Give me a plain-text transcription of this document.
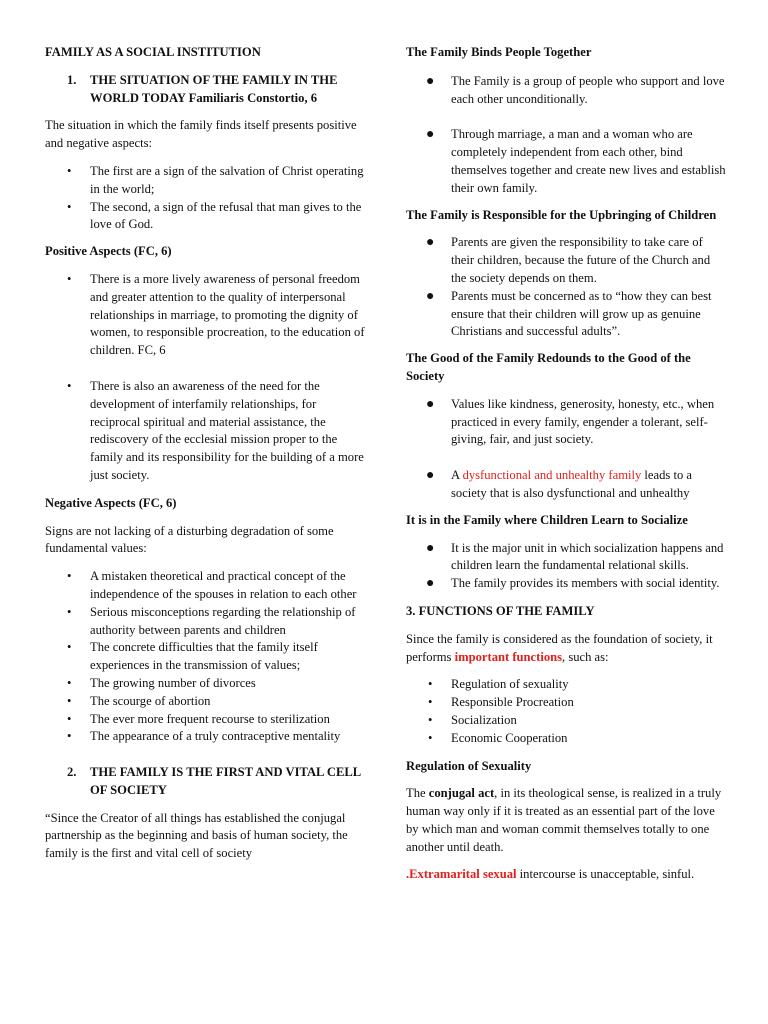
FAMILY AS A SOCIAL INSTITUTION

1.	THE SITUATION OF THE FAMILY IN THE WORLD TODAY Familiaris Constortio, 6

The situation in which the family finds itself presents positive and negative aspects:

•	The first are a sign of the salvation of Christ operating in the world;
•	The second, a sign of the refusal that man gives to the love of God.

Positive Aspects (FC, 6)

•	There is a more lively awareness of personal freedom and greater attention to the quality of interpersonal relationships in marriage, to promoting the dignity of women, to responsible procreation, to the education of children. FC, 6
•	There is also an awareness of the need for the development of interfamily relationships, for reciprocal spiritual and material assistance, the rediscovery of the ecclesial mission proper to the family and its responsibility for the building of a more just society.

Negative Aspects (FC, 6)

Signs are not lacking of a disturbing degradation of some fundamental values:

•	A mistaken theoretical and practical concept of the independence of the spouses in relation to each other
•	Serious misconceptions regarding the relationship of authority between parents and children
•	The concrete difficulties that the family itself experiences in the transmission of values;
•	The growing number of divorces
•	The scourge of abortion
•	The ever more frequent recourse to sterilization
•	The appearance of a truly contraceptive mentality
2.	THE FAMILY IS THE FIRST AND VITAL CELL OF SOCIETY

“Since the Creator of all things has established the conjugal partnership as the beginning and basis of human society, the family is the first and vital cell of society

The Family Binds People Together

●	The Family is a group of people who support and love each other unconditionally.
●	Through marriage, a man and a woman who are completely independent from each other, bind themselves together and create new lives and establish their own family.

The Family is Responsible for the Upbringing of Children

●	Parents are given the responsibility to take care of their children, because the future of the Church and the society depends on them.
●	Parents must be concerned as to “how they can best ensure that their children will grow up as genuine Christians and successful adults”.

The Good of the Family Redounds to the Good of the Society

●	Values like kindness, generosity, honesty, etc., when practiced in every family, engender a tolerant, self-giving, fair, and just society.
●	A dysfunctional and unhealthy family leads to a society that is also dysfunctional and unhealthy

It is in the Family where Children Learn to Socialize

●	It is the major unit in which socialization happens and children learn the fundamental relational skills.
●	The family provides its members with social identity.

3. FUNCTIONS OF THE FAMILY

Since the family is considered as the foundation of society, it performs important functions, such as:

•	Regulation of sexuality
•	Responsible Procreation
•	Socialization
•	Economic Cooperation

Regulation of Sexuality

The conjugal act, in its theological sense, is realized in a truly human way only if it is treated as an essential part of the love by which man and woman commit themselves totally to one another until death.

.Extramarital sexual intercourse is unacceptable, sinful.
